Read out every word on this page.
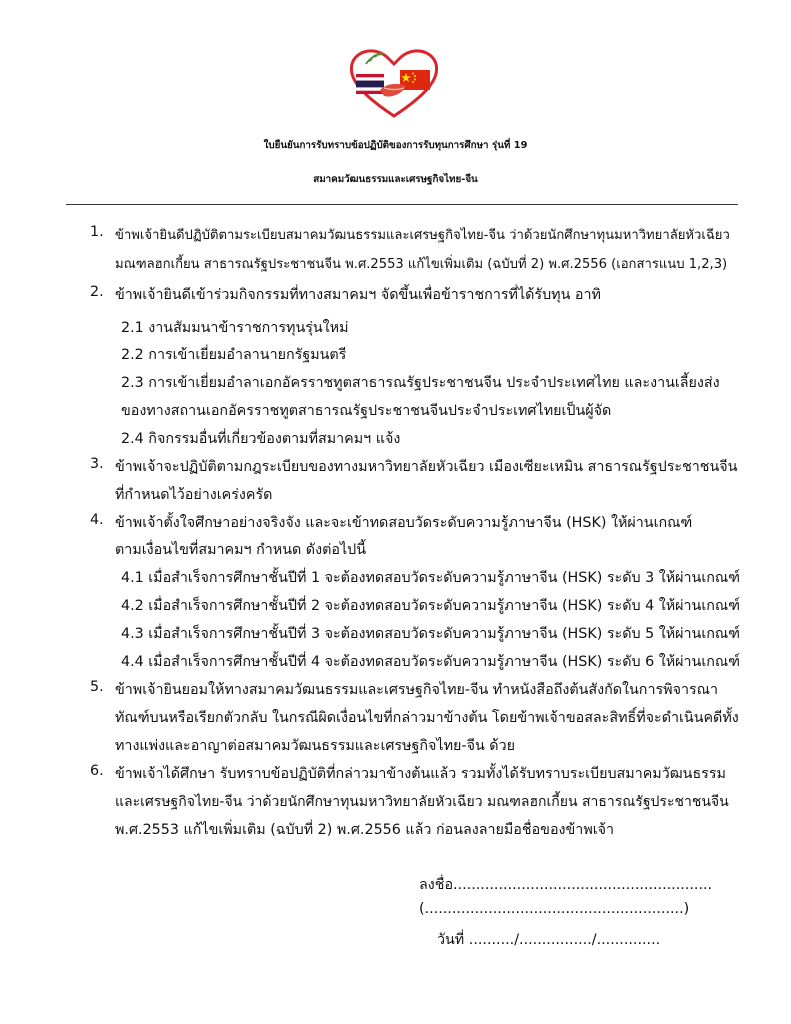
ใบยืนยันการรับทราบข้อปฏิบัติของการรับทุนการศึกษา รุ่นที่ 19
สมาคมวัฒนธรรมและเศรษฐกิจไทย-จีน
1. ข้าพเจ้ายินดีปฏิบัติตามระเบียบสมาคมวัฒนธรรมและเศรษฐกิจไทย-จีน ว่าด้วยนักศึกษาทุนมหาวิทยาลัยหัวเฉียว
มณฑลฮกเกี้ยน สาธารณรัฐประชาชนจีน พ.ศ.2553 แก้ไขเพิ่มเติม (ฉบับที่ 2) พ.ศ.2556 (เอกสารแนบ 1,2,3)
2. ข้าพเจ้ายินดีเข้าร่วมกิจกรรมที่ทางสมาคมฯ จัดขึ้นเพื่อข้าราชการที่ได้รับทุน อาทิ
2.1 งานสัมมนาข้าราชการทุนรุ่นใหม่
2.2 การเข้าเยี่ยมอำลานายกรัฐมนตรี
2.3 การเข้าเยี่ยมอำลาเอกอัครราชทูตสาธารณรัฐประชาชนจีน ประจำประเทศไทย และงานเลี้ยงส่ง
ของทางสถานเอกอัครราชทูตสาธารณรัฐประชาชนจีนประจำประเทศไทยเป็นผู้จัด
2.4 กิจกรรมอื่นที่เกี่ยวข้องตามที่สมาคมฯ แจ้ง
3. ข้าพเจ้าจะปฏิบัติตามกฎระเบียบของทางมหาวิทยาลัยหัวเฉียว เมืองเซียะเหมิน สาธารณรัฐประชาชนจีน
ที่กำหนดไว้อย่างเคร่งครัด
4. ข้าพเจ้าตั้งใจศึกษาอย่างจริงจัง และจะเข้าทดสอบวัดระดับความรู้ภาษาจีน (HSK) ให้ผ่านเกณฑ์
ตามเงื่อนไขที่สมาคมฯ กำหนด ดังต่อไปนี้
4.1 เมื่อสำเร็จการศึกษาชั้นปีที่ 1 จะต้องทดสอบวัดระดับความรู้ภาษาจีน (HSK) ระดับ 3 ให้ผ่านเกณฑ์
4.2 เมื่อสำเร็จการศึกษาชั้นปีที่ 2 จะต้องทดสอบวัดระดับความรู้ภาษาจีน (HSK) ระดับ 4 ให้ผ่านเกณฑ์
4.3 เมื่อสำเร็จการศึกษาชั้นปีที่ 3 จะต้องทดสอบวัดระดับความรู้ภาษาจีน (HSK) ระดับ 5 ให้ผ่านเกณฑ์
4.4 เมื่อสำเร็จการศึกษาชั้นปีที่ 4 จะต้องทดสอบวัดระดับความรู้ภาษาจีน (HSK) ระดับ 6 ให้ผ่านเกณฑ์
5. ข้าพเจ้ายินยอมให้ทางสมาคมวัฒนธรรมและเศรษฐกิจไทย-จีน ทำหนังสือถึงต้นสังกัดในการพิจารณา
ทัณฑ์บนหรือเรียกตัวกลับ ในกรณีผิดเงื่อนไขที่กล่าวมาข้างต้น โดยข้าพเจ้าขอสละสิทธิ์ที่จะดำเนินคดีทั้ง
ทางแพ่งและอาญาต่อสมาคมวัฒนธรรมและเศรษฐกิจไทย-จีน ด้วย
6. ข้าพเจ้าได้ศึกษา รับทราบข้อปฏิบัติที่กล่าวมาข้างต้นแล้ว รวมทั้งได้รับทราบระเบียบสมาคมวัฒนธรรม
และเศรษฐกิจไทย-จีน ว่าด้วยนักศึกษาทุนมหาวิทยาลัยหัวเฉียว มณฑลฮกเกี้ยน สาธารณรัฐประชาชนจีน
พ.ศ.2553 แก้ไขเพิ่มเติม (ฉบับที่ 2) พ.ศ.2556 แล้ว ก่อนลงลายมือชื่อของข้าพเจ้า
ลงชื่อ.........................................................
(.........................................................)
วันที่ ........../................/..............
